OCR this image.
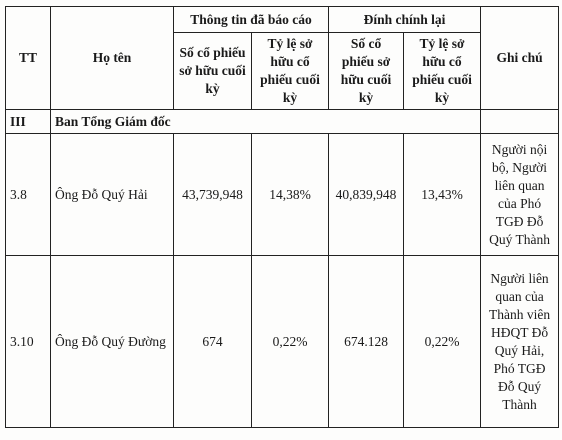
TT	Họ tên	Thông tin đã báo cáo		Đính chính lại		Ghi chú
		Số cổ phiếu sở hữu cuối kỳ	Tỷ lệ sở hữu cổ phiếu cuối kỳ	Số cổ phiếu sở hữu cuối kỳ	Tỷ lệ sở hữu cổ phiếu cuối kỳ	
III	Ban Tổng Giám đốc					
3.8	Ông Đỗ Quý Hải	43,739,948	14,38%	40,839,948	13,43%	Người nội bộ, Người liên quan của Phó TGĐ Đỗ Quý Thành
3.10	Ông Đỗ Quý Đường	674	0,22%	674.128	0,22%	Người liên quan của Thành viên HĐQT Đỗ Quý Hải, Phó TGĐ Đỗ Quý Thành
